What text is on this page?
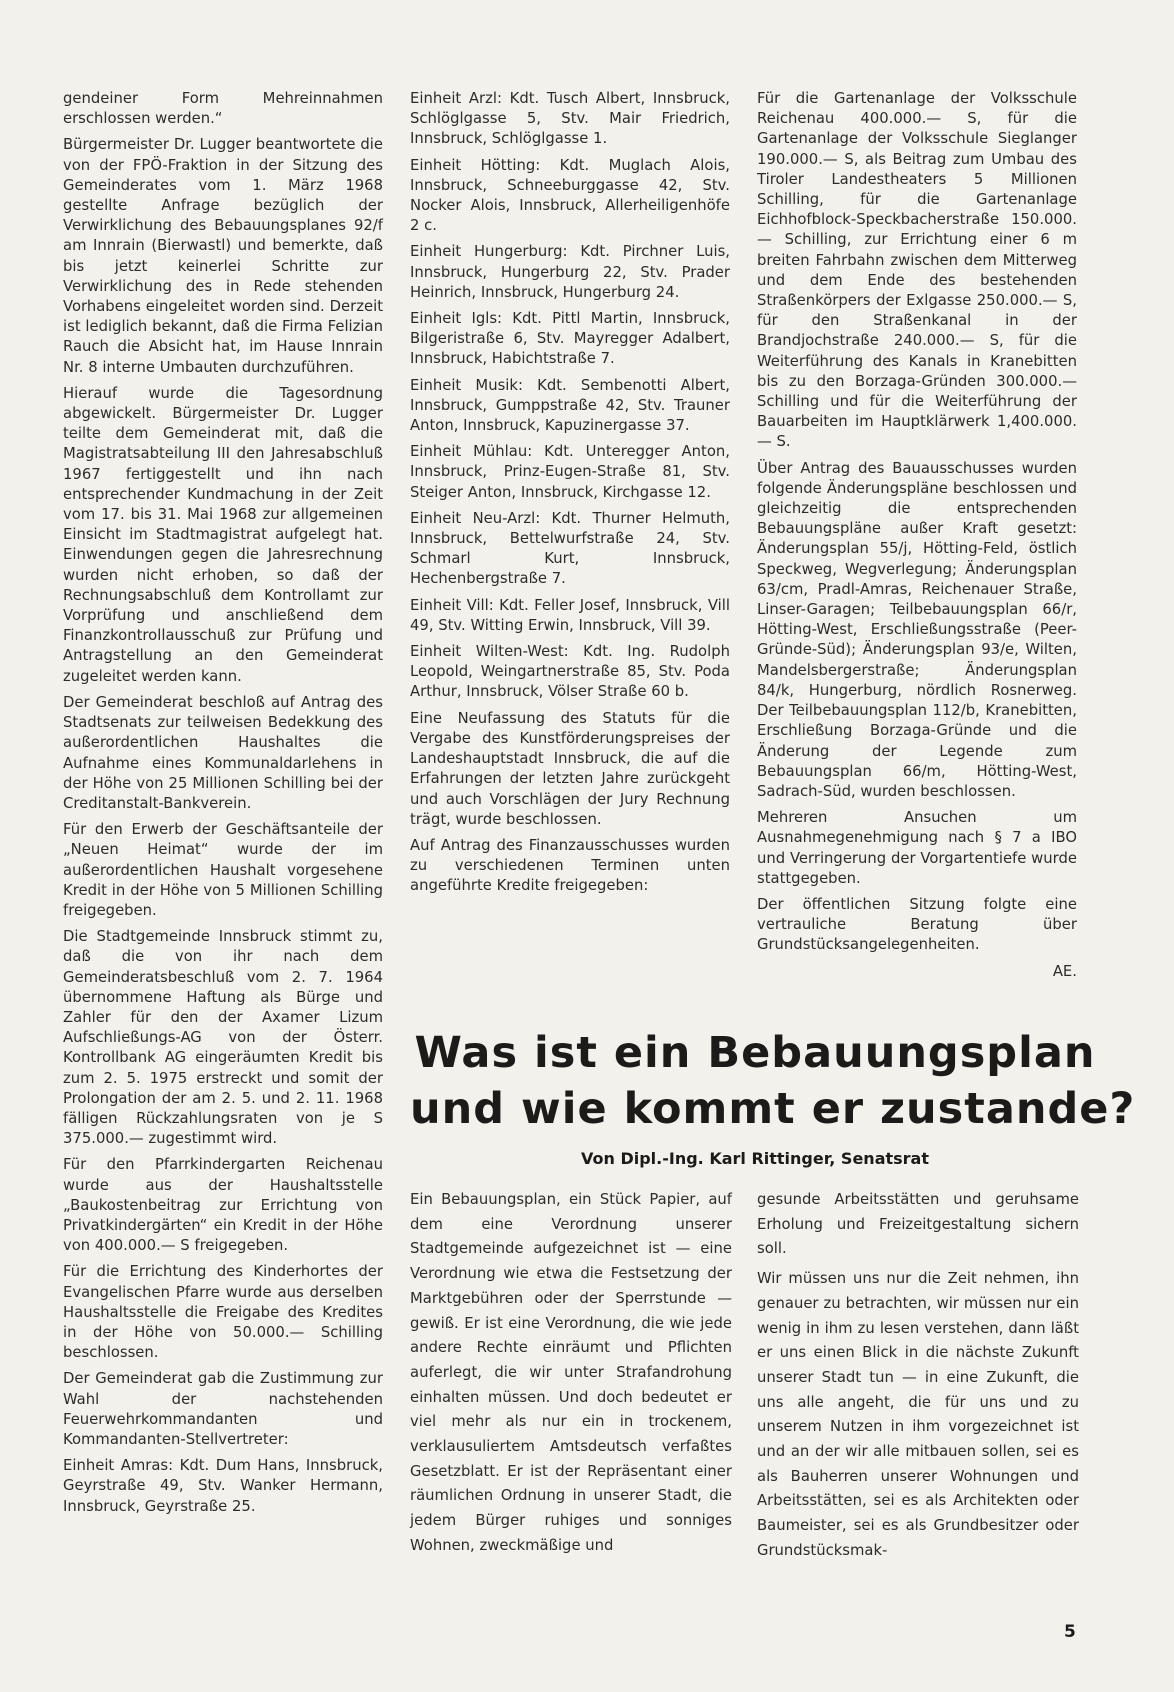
gendeiner Form Mehreinnahmen erschlossen werden.“

Bürgermeister Dr. Lugger beantwortete die von der FPÖ-Fraktion in der Sitzung des Gemeinderates vom 1. März 1968 gestellte Anfrage bezüglich der Verwirklichung des Bebauungsplanes 92/f am Innrain (Bierwastl) und bemerkte, daß bis jetzt keinerlei Schritte zur Verwirklichung des in Rede stehenden Vorhabens eingeleitet worden sind. Derzeit ist lediglich bekannt, daß die Firma Felizian Rauch die Absicht hat, im Hause Innrain Nr. 8 interne Umbauten durchzuführen.

Hierauf wurde die Tagesordnung abgewickelt. Bürgermeister Dr. Lugger teilte dem Gemeinderat mit, daß die Magistratsabteilung III den Jahresabschluß 1967 fertiggestellt und ihn nach entsprechender Kundmachung in der Zeit vom 17. bis 31. Mai 1968 zur allgemeinen Einsicht im Stadtmagistrat aufgelegt hat. Einwendungen gegen die Jahresrechnung wurden nicht erhoben, so daß der Rechnungsabschluß dem Kontrollamt zur Vorprüfung und anschließend dem Finanzkontrollausschuß zur Prüfung und Antragstellung an den Gemeinderat zugeleitet werden kann.

Der Gemeinderat beschloß auf Antrag des Stadtsenats zur teilweisen Bedekkung des außerordentlichen Haushaltes die Aufnahme eines Kommunaldarlehens in der Höhe von 25 Millionen Schilling bei der Creditanstalt-Bankverein.

Für den Erwerb der Geschäftsanteile der „Neuen Heimat“ wurde der im außerordentlichen Haushalt vorgesehene Kredit in der Höhe von 5 Millionen Schilling freigegeben.

Die Stadtgemeinde Innsbruck stimmt zu, daß die von ihr nach dem Gemeinderatsbeschluß vom 2. 7. 1964 übernommene Haftung als Bürge und Zahler für den der Axamer Lizum Aufschließungs-AG von der Österr. Kontrollbank AG eingeräumten Kredit bis zum 2. 5. 1975 erstreckt und somit der Prolongation der am 2. 5. und 2. 11. 1968 fälligen Rückzahlungsraten von je S 375.000.— zugestimmt wird.

Für den Pfarrkindergarten Reichenau wurde aus der Haushaltsstelle „Baukostenbeitrag zur Errichtung von Privatkindergärten“ ein Kredit in der Höhe von 400.000.— S freigegeben.

Für die Errichtung des Kinderhortes der Evangelischen Pfarre wurde aus derselben Haushaltsstelle die Freigabe des Kredites in der Höhe von 50.000.— Schilling beschlossen.

Der Gemeinderat gab die Zustimmung zur Wahl der nachstehenden Feuerwehrkommandanten und Kommandanten-Stellvertreter:

Einheit Amras: Kdt. Dum Hans, Innsbruck, Geyrstraße 49, Stv. Wanker Hermann, Innsbruck, Geyrstraße 25.

Einheit Arzl: Kdt. Tusch Albert, Innsbruck, Schlöglgasse 5, Stv. Mair Friedrich, Innsbruck, Schlöglgasse 1.

Einheit Hötting: Kdt. Muglach Alois, Innsbruck, Schneeburggasse 42, Stv. Nocker Alois, Innsbruck, Allerheiligenhöfe 2 c.

Einheit Hungerburg: Kdt. Pirchner Luis, Innsbruck, Hungerburg 22, Stv. Prader Heinrich, Innsbruck, Hungerburg 24.

Einheit Igls: Kdt. Pittl Martin, Innsbruck, Bilgeristraße 6, Stv. Mayregger Adalbert, Innsbruck, Habichtstraße 7.

Einheit Musik: Kdt. Sembenotti Albert, Innsbruck, Gumppstraße 42, Stv. Trauner Anton, Innsbruck, Kapuzinergasse 37.

Einheit Mühlau: Kdt. Unteregger Anton, Innsbruck, Prinz-Eugen-Straße 81, Stv. Steiger Anton, Innsbruck, Kirchgasse 12.

Einheit Neu-Arzl: Kdt. Thurner Helmuth, Innsbruck, Bettelwurfstraße 24, Stv. Schmarl Kurt, Innsbruck, Hechenbergstraße 7.

Einheit Vill: Kdt. Feller Josef, Innsbruck, Vill 49, Stv. Witting Erwin, Innsbruck, Vill 39.

Einheit Wilten-West: Kdt. Ing. Rudolph Leopold, Weingartnerstraße 85, Stv. Poda Arthur, Innsbruck, Völser Straße 60 b.

Eine Neufassung des Statuts für die Vergabe des Kunstförderungspreises der Landeshauptstadt Innsbruck, die auf die Erfahrungen der letzten Jahre zurückgeht und auch Vorschlägen der Jury Rechnung trägt, wurde beschlossen.

Auf Antrag des Finanzausschusses wurden zu verschiedenen Terminen unten angeführte Kredite freigegeben:

Für die Gartenanlage der Volksschule Reichenau 400.000.— S, für die Gartenanlage der Volksschule Sieglanger 190.000.— S, als Beitrag zum Umbau des Tiroler Landestheaters 5 Millionen Schilling, für die Gartenanlage Eichhofblock-Speckbacherstraße 150.000.— Schilling, zur Errichtung einer 6 m breiten Fahrbahn zwischen dem Mitterweg und dem Ende des bestehenden Straßenkörpers der Exlgasse 250.000.— S, für den Straßenkanal in der Brandjochstraße 240.000.— S, für die Weiterführung des Kanals in Kranebitten bis zu den Borzaga-Gründen 300.000.— Schilling und für die Weiterführung der Bauarbeiten im Hauptklärwerk 1,400.000.— S.

Über Antrag des Bauausschusses wurden folgende Änderungspläne beschlossen und gleichzeitig die entsprechenden Bebauungspläne außer Kraft gesetzt: Änderungsplan 55/j, Hötting-Feld, östlich Speckweg, Wegverlegung; Änderungsplan 63/cm, Pradl-Amras, Reichenauer Straße, Linser-Garagen; Teilbebauungsplan 66/r, Hötting-West, Erschließungsstraße (Peer-Gründe-Süd); Änderungsplan 93/e, Wilten, Mandelsbergerstraße; Änderungsplan 84/k, Hungerburg, nördlich Rosnerweg. Der Teilbebauungsplan 112/b, Kranebitten, Erschließung Borzaga-Gründe und die Änderung der Legende zum Bebauungsplan 66/m, Hötting-West, Sadrach-Süd, wurden beschlossen.

Mehreren Ansuchen um Ausnahmegenehmigung nach § 7 a IBO und Verringerung der Vorgartentiefe wurde stattgegeben.

Der öffentlichen Sitzung folgte eine vertrauliche Beratung über Grundstücksangelegenheiten.

AE.

Was ist ein Bebauungsplan
und wie kommt er zustande?
Von Dipl.-Ing. Karl Rittinger, Senatsrat

Ein Bebauungsplan, ein Stück Papier, auf dem eine Verordnung unserer Stadtgemeinde aufgezeichnet ist — eine Verordnung wie etwa die Festsetzung der Marktgebühren oder der Sperrstunde — gewiß. Er ist eine Verordnung, die wie jede andere Rechte einräumt und Pflichten auferlegt, die wir unter Strafandrohung einhalten müssen. Und doch bedeutet er viel mehr als nur ein in trockenem, verklausuliertem Amtsdeutsch verfaßtes Gesetzblatt. Er ist der Repräsentant einer räumlichen Ordnung in unserer Stadt, die jedem Bürger ruhiges und sonniges Wohnen, zweckmäßige und

gesunde Arbeitsstätten und geruhsame Erholung und Freizeitgestaltung sichern soll.

Wir müssen uns nur die Zeit nehmen, ihn genauer zu betrachten, wir müssen nur ein wenig in ihm zu lesen verstehen, dann läßt er uns einen Blick in die nächste Zukunft unserer Stadt tun — in eine Zukunft, die uns alle angeht, die für uns und zu unserem Nutzen in ihm vorgezeichnet ist und an der wir alle mitbauen sollen, sei es als Bauherren unserer Wohnungen und Arbeitsstätten, sei es als Architekten oder Baumeister, sei es als Grundbesitzer oder Grundstücksmak-

5
